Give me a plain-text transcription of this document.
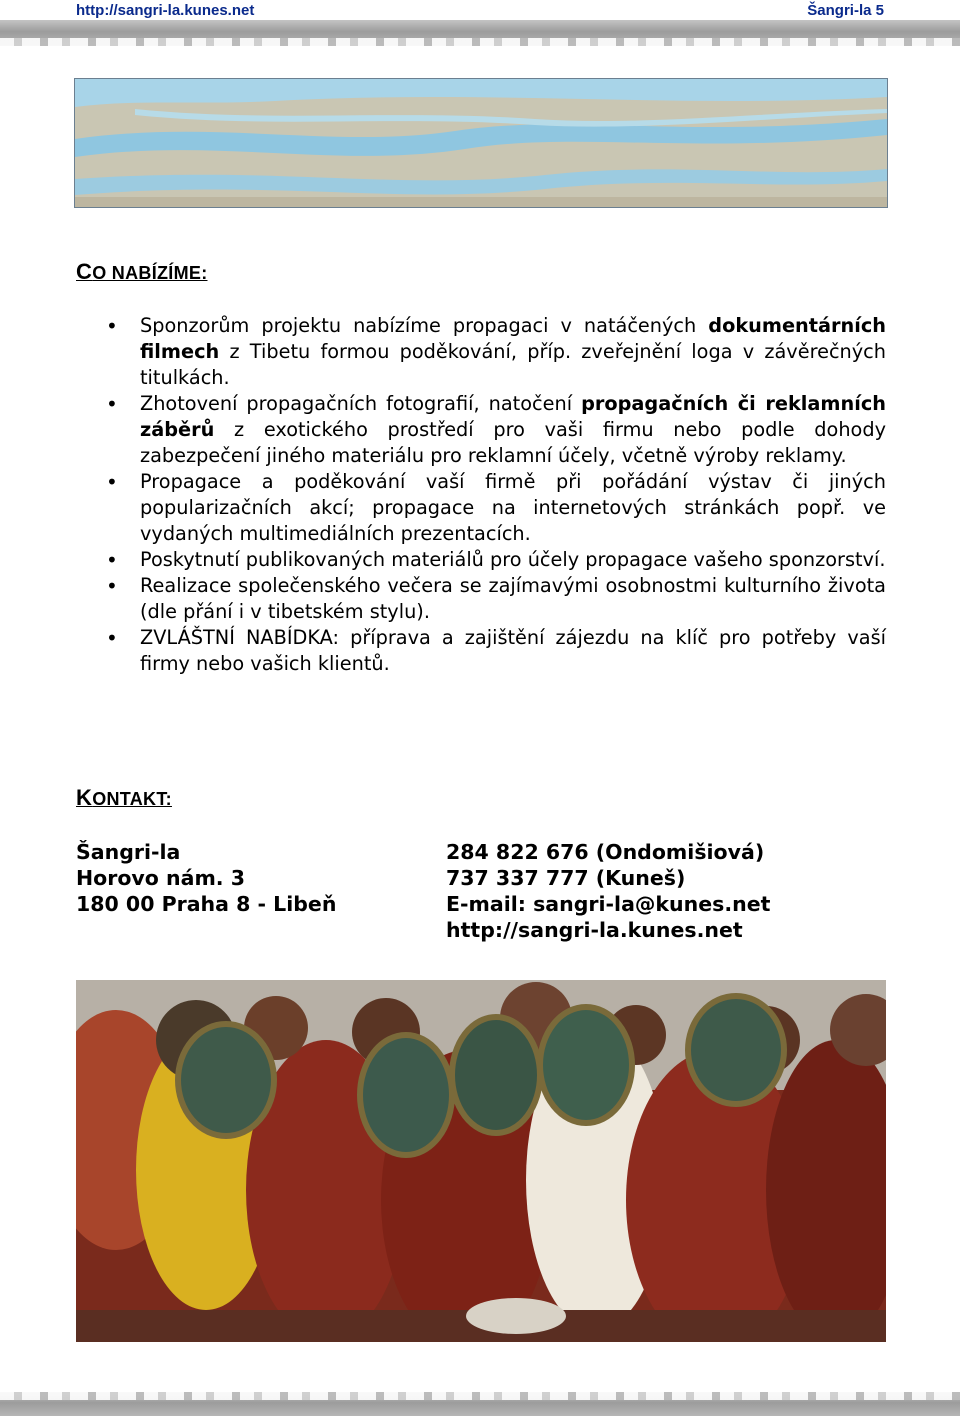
http://sangri-la.kunes.net	Šangri-la 5
CO NABÍZÍME:
• Sponzorům projektu nabízíme propagaci v natáčených dokumentárních filmech z Tibetu formou poděkování, příp. zveřejnění loga v závěrečných titulkách.
• Zhotovení propagačních fotografií, natočení propagačních či reklamních záběrů z exotického prostředí pro vaši firmu nebo podle dohody zabezpečení jiného materiálu pro reklamní účely, včetně výroby reklamy.
• Propagace a poděkování vaší firmě při pořádání výstav či jiných popularizačních akcí; propagace na internetových stránkách popř. ve vydaných multimediálních prezentacích.
• Poskytnutí publikovaných materiálů pro účely propagace vašeho sponzorství.
• Realizace společenského večera se zajímavými osobnostmi kulturního života (dle přání i v tibetském stylu).
• ZVLÁŠTNÍ NABÍDKA: příprava a zajištění zájezdu na klíč pro potřeby vaší firmy nebo vašich klientů.
KONTAKT:
Šangri-la
Horovo nám. 3
180 00 Praha 8 - Libeň
284 822 676 (Ondomišiová)
737 337 777 (Kuneš)
E-mail: sangri-la@kunes.net
http://sangri-la.kunes.net
